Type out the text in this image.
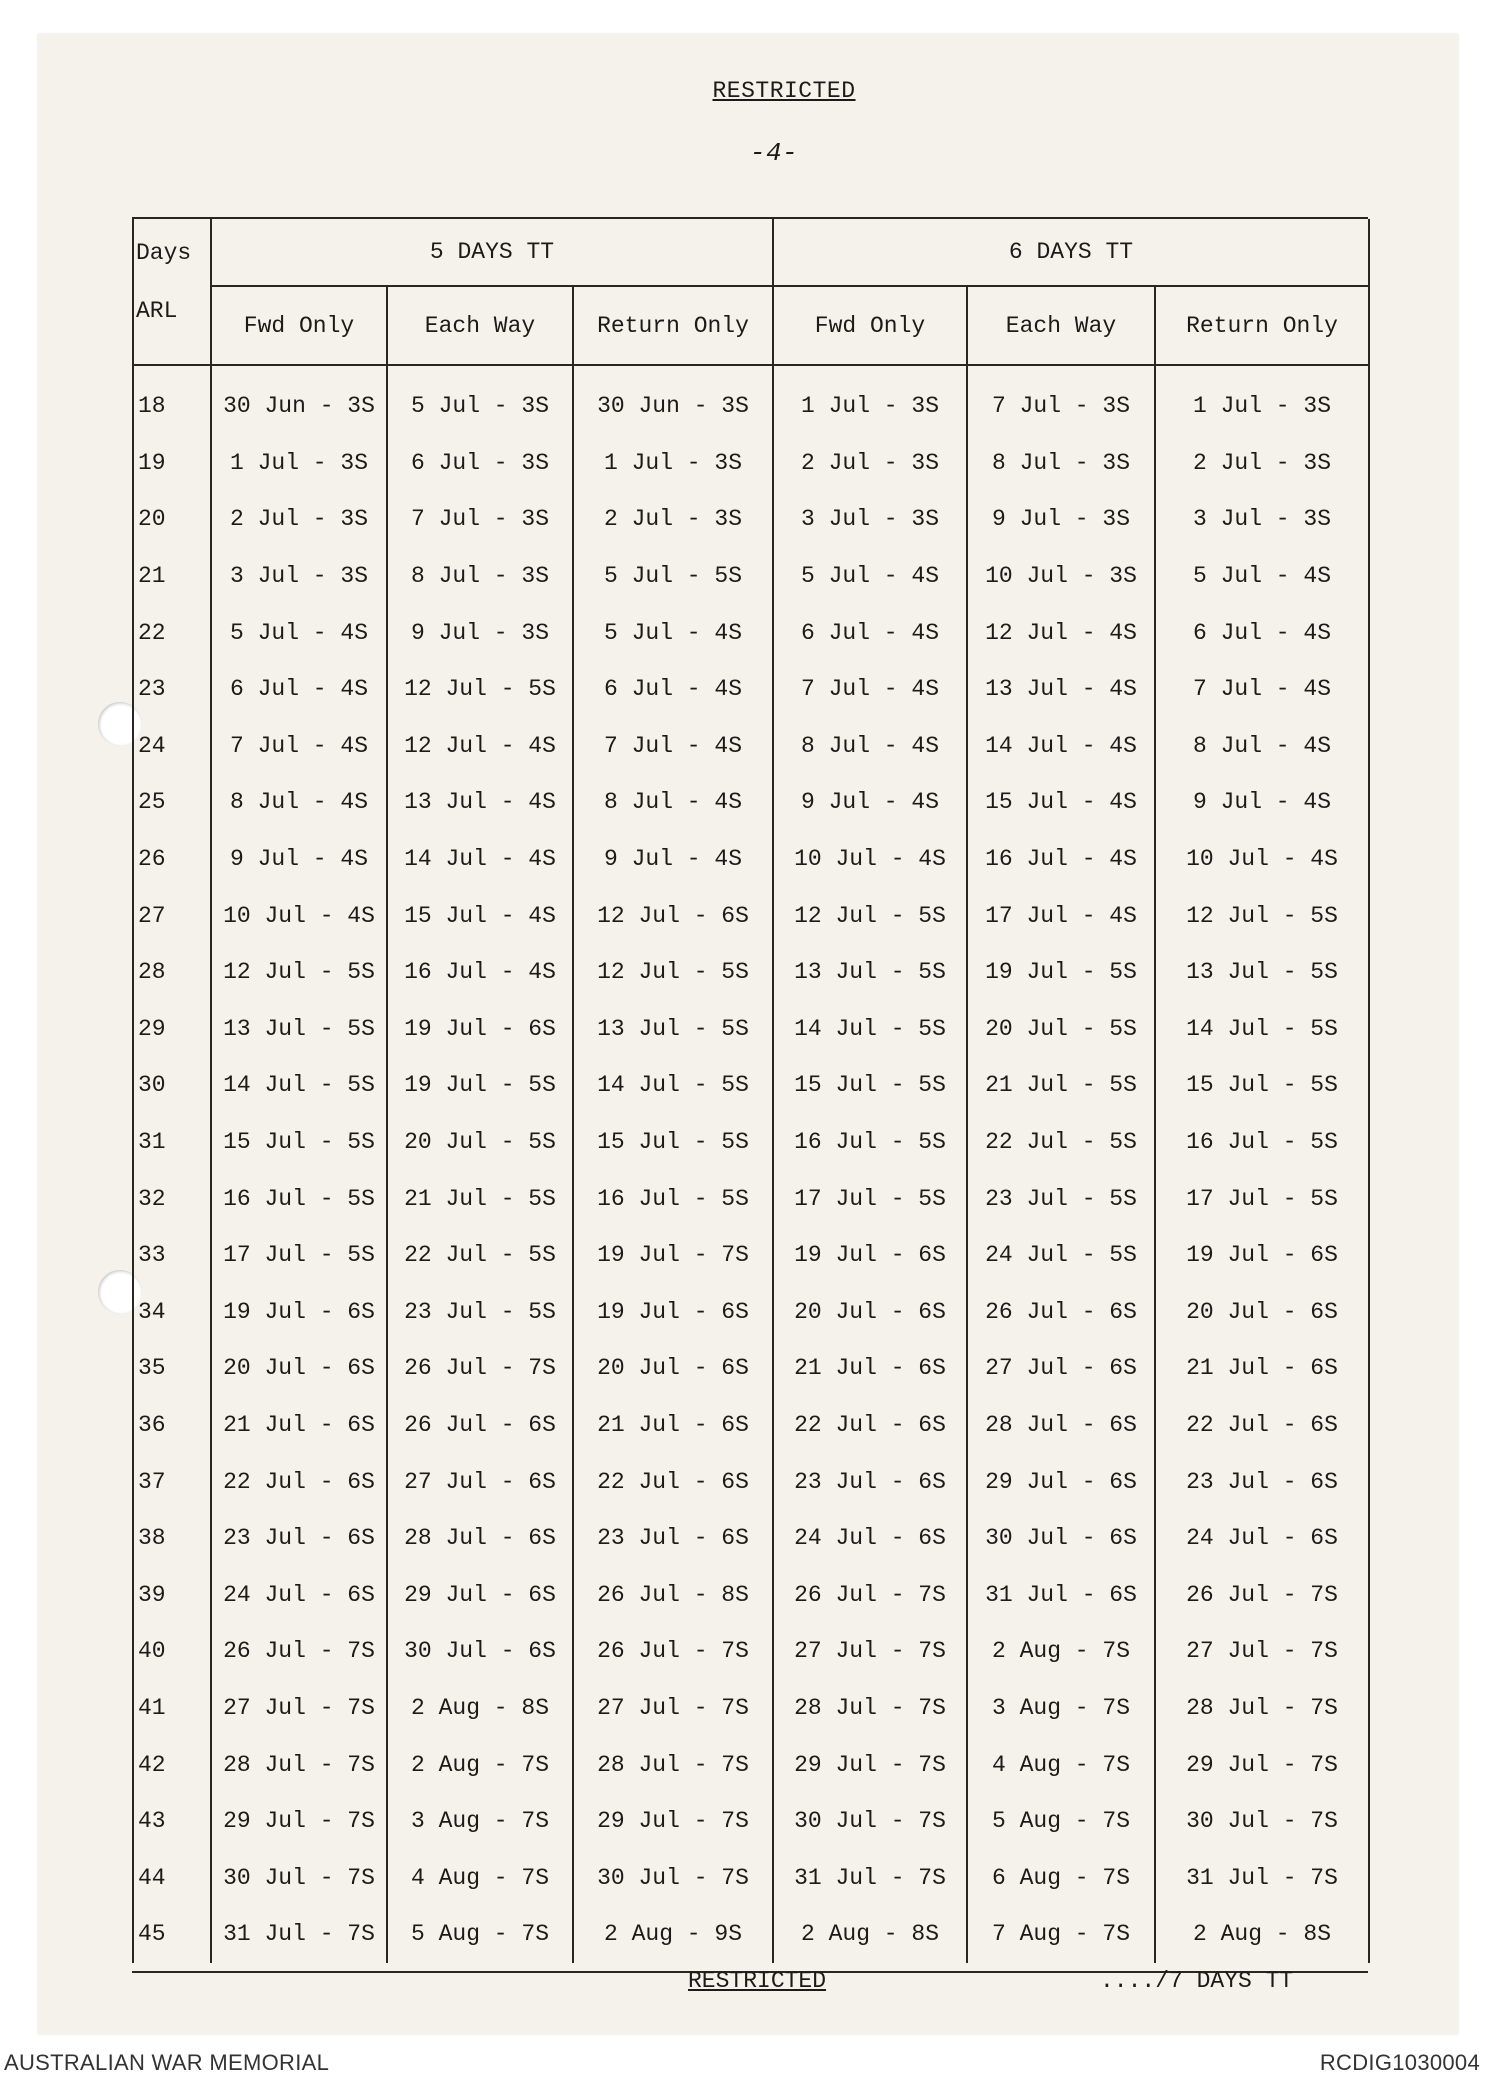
RESTRICTED
-4-
Days	5 DAYS TT			6 DAYS TT		
ARL	Fwd Only	Each Way	Return Only	Fwd Only	Each Way	Return Only

18	30 Jun - 3S	5 Jul - 3S	30 Jun - 3S	1 Jul - 3S	7 Jul - 3S	1 Jul - 3S
19	1 Jul - 3S	6 Jul - 3S	1 Jul - 3S	2 Jul - 3S	8 Jul - 3S	2 Jul - 3S
20	2 Jul - 3S	7 Jul - 3S	2 Jul - 3S	3 Jul - 3S	9 Jul - 3S	3 Jul - 3S
21	3 Jul - 3S	8 Jul - 3S	5 Jul - 5S	5 Jul - 4S	10 Jul - 3S	5 Jul - 4S
22	5 Jul - 4S	9 Jul - 3S	5 Jul - 4S	6 Jul - 4S	12 Jul - 4S	6 Jul - 4S
23	6 Jul - 4S	12 Jul - 5S	6 Jul - 4S	7 Jul - 4S	13 Jul - 4S	7 Jul - 4S
24	7 Jul - 4S	12 Jul - 4S	7 Jul - 4S	8 Jul - 4S	14 Jul - 4S	8 Jul - 4S
25	8 Jul - 4S	13 Jul - 4S	8 Jul - 4S	9 Jul - 4S	15 Jul - 4S	9 Jul - 4S
26	9 Jul - 4S	14 Jul - 4S	9 Jul - 4S	10 Jul - 4S	16 Jul - 4S	10 Jul - 4S
27	10 Jul - 4S	15 Jul - 4S	12 Jul - 6S	12 Jul - 5S	17 Jul - 4S	12 Jul - 5S
28	12 Jul - 5S	16 Jul - 4S	12 Jul - 5S	13 Jul - 5S	19 Jul - 5S	13 Jul - 5S
29	13 Jul - 5S	19 Jul - 6S	13 Jul - 5S	14 Jul - 5S	20 Jul - 5S	14 Jul - 5S
30	14 Jul - 5S	19 Jul - 5S	14 Jul - 5S	15 Jul - 5S	21 Jul - 5S	15 Jul - 5S
31	15 Jul - 5S	20 Jul - 5S	15 Jul - 5S	16 Jul - 5S	22 Jul - 5S	16 Jul - 5S
32	16 Jul - 5S	21 Jul - 5S	16 Jul - 5S	17 Jul - 5S	23 Jul - 5S	17 Jul - 5S
33	17 Jul - 5S	22 Jul - 5S	19 Jul - 7S	19 Jul - 6S	24 Jul - 5S	19 Jul - 6S
34	19 Jul - 6S	23 Jul - 5S	19 Jul - 6S	20 Jul - 6S	26 Jul - 6S	20 Jul - 6S
35	20 Jul - 6S	26 Jul - 7S	20 Jul - 6S	21 Jul - 6S	27 Jul - 6S	21 Jul - 6S
36	21 Jul - 6S	26 Jul - 6S	21 Jul - 6S	22 Jul - 6S	28 Jul - 6S	22 Jul - 6S
37	22 Jul - 6S	27 Jul - 6S	22 Jul - 6S	23 Jul - 6S	29 Jul - 6S	23 Jul - 6S
38	23 Jul - 6S	28 Jul - 6S	23 Jul - 6S	24 Jul - 6S	30 Jul - 6S	24 Jul - 6S
39	24 Jul - 6S	29 Jul - 6S	26 Jul - 8S	26 Jul - 7S	31 Jul - 6S	26 Jul - 7S
40	26 Jul - 7S	30 Jul - 6S	26 Jul - 7S	27 Jul - 7S	2 Aug - 7S	27 Jul - 7S
41	27 Jul - 7S	2 Aug - 8S	27 Jul - 7S	28 Jul - 7S	3 Aug - 7S	28 Jul - 7S
42	28 Jul - 7S	2 Aug - 7S	28 Jul - 7S	29 Jul - 7S	4 Aug - 7S	29 Jul - 7S
43	29 Jul - 7S	3 Aug - 7S	29 Jul - 7S	30 Jul - 7S	5 Aug - 7S	30 Jul - 7S
44	30 Jul - 7S	4 Aug - 7S	30 Jul - 7S	31 Jul - 7S	6 Aug - 7S	31 Jul - 7S
45	31 Jul - 7S	5 Aug - 7S	2 Aug - 9S	2 Aug - 8S	7 Aug - 7S	2 Aug - 8S
RESTRICTED	..../7 DAYS TT
AUSTRALIAN WAR MEMORIAL	RCDIG1030004
